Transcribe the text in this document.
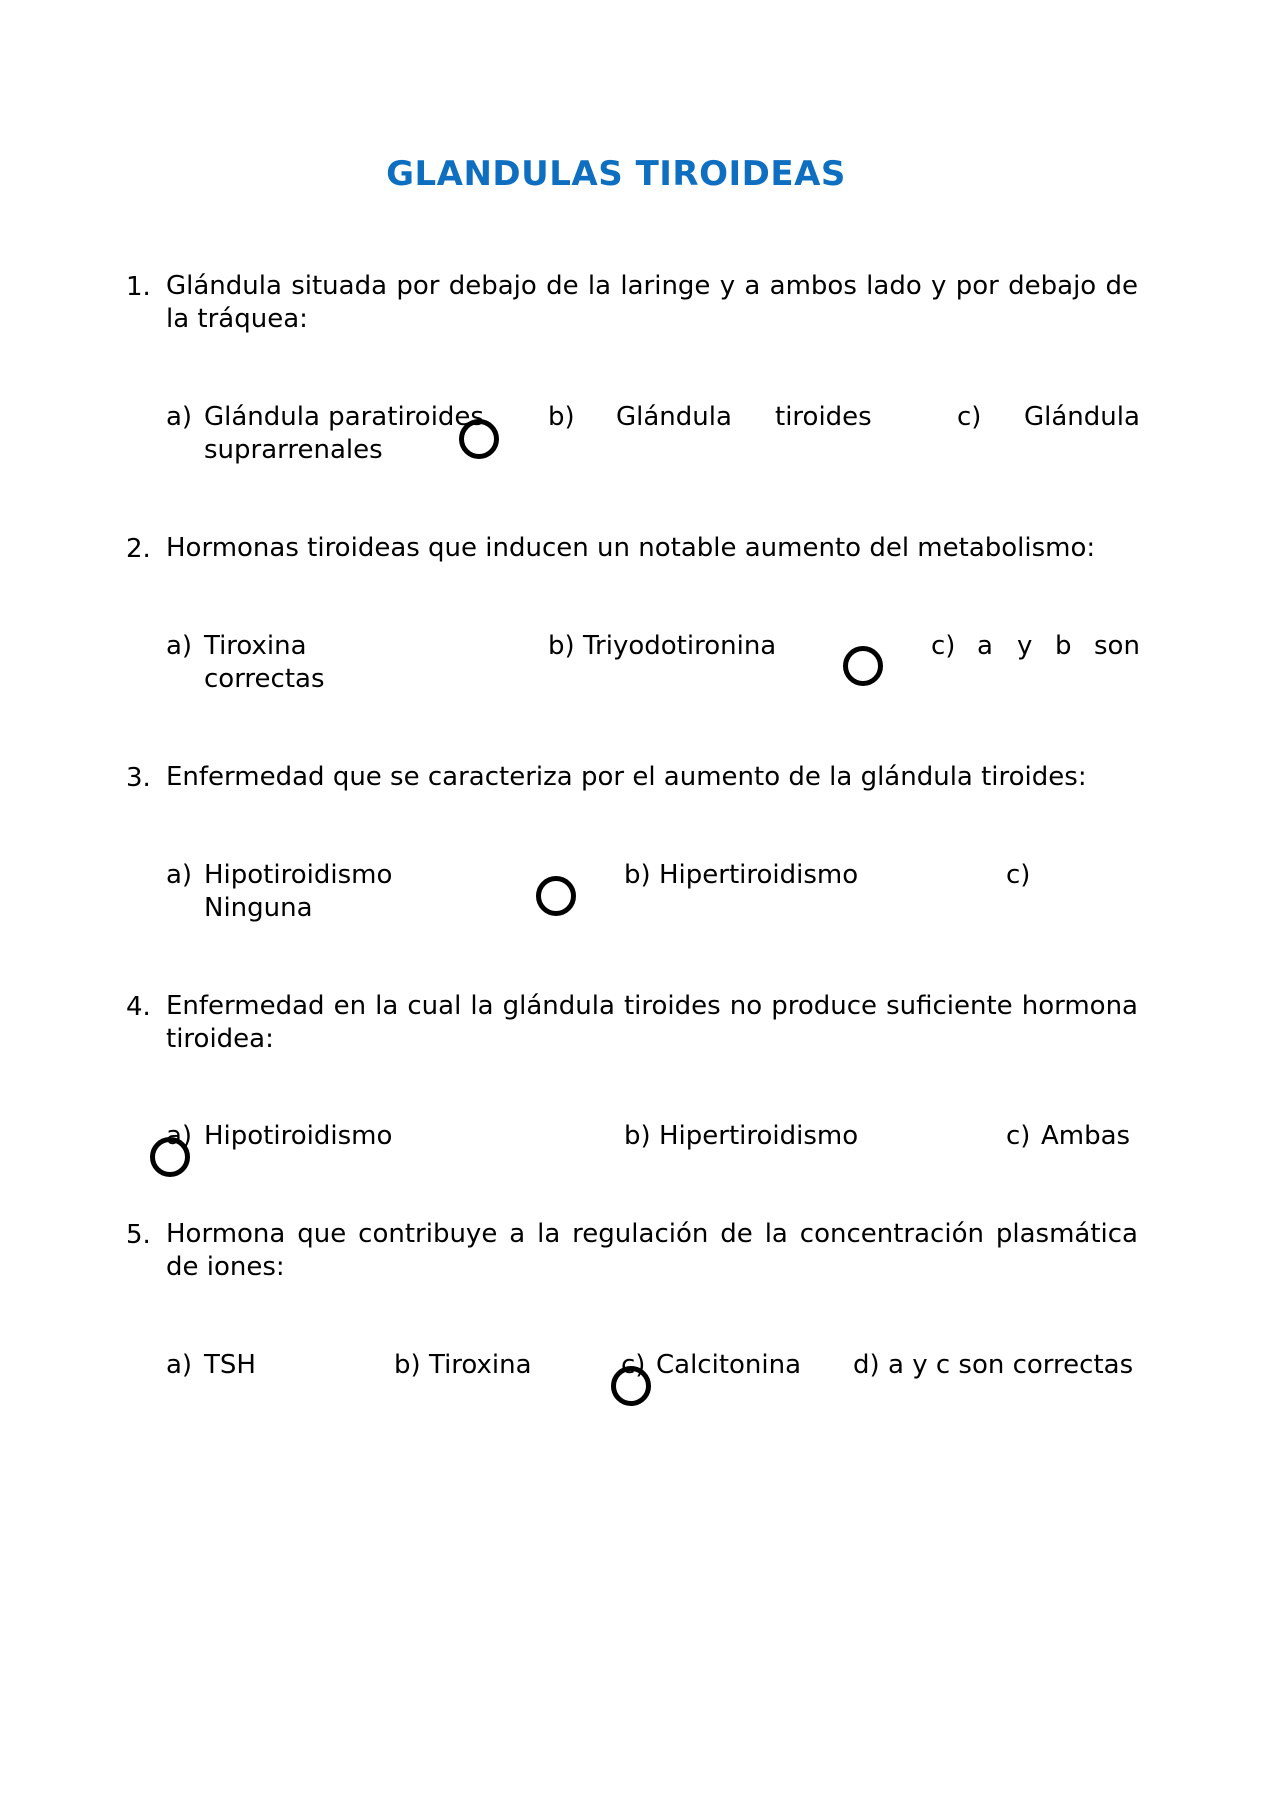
GLANDULAS TIROIDEAS
1. Glándula situada por debajo de la laringe y a ambos lado y por debajo de la tráquea:
a) Glándula paratiroides b) Glándula tiroides	c) Glándula
suprarrenales
2. Hormonas tiroideas que inducen un notable aumento del metabolismo:
a) Tiroxina	b) Triyodotironina	c) a y b son
correctas
3. Enfermedad que se caracteriza por el aumento de la glándula tiroides:
a) Hipotiroidismo	b) Hipertiroidismo	c)
Ninguna
4. Enfermedad en la cual la glándula tiroides no produce suficiente hormona tiroidea:
a) Hipotiroidismo	b) Hipertiroidismo	c) Ambas
5. Hormona que contribuye a la regulación de la concentración plasmática de iones:
a) TSH	b) Tiroxina	c) Calcitonina d) a y c son correctas
